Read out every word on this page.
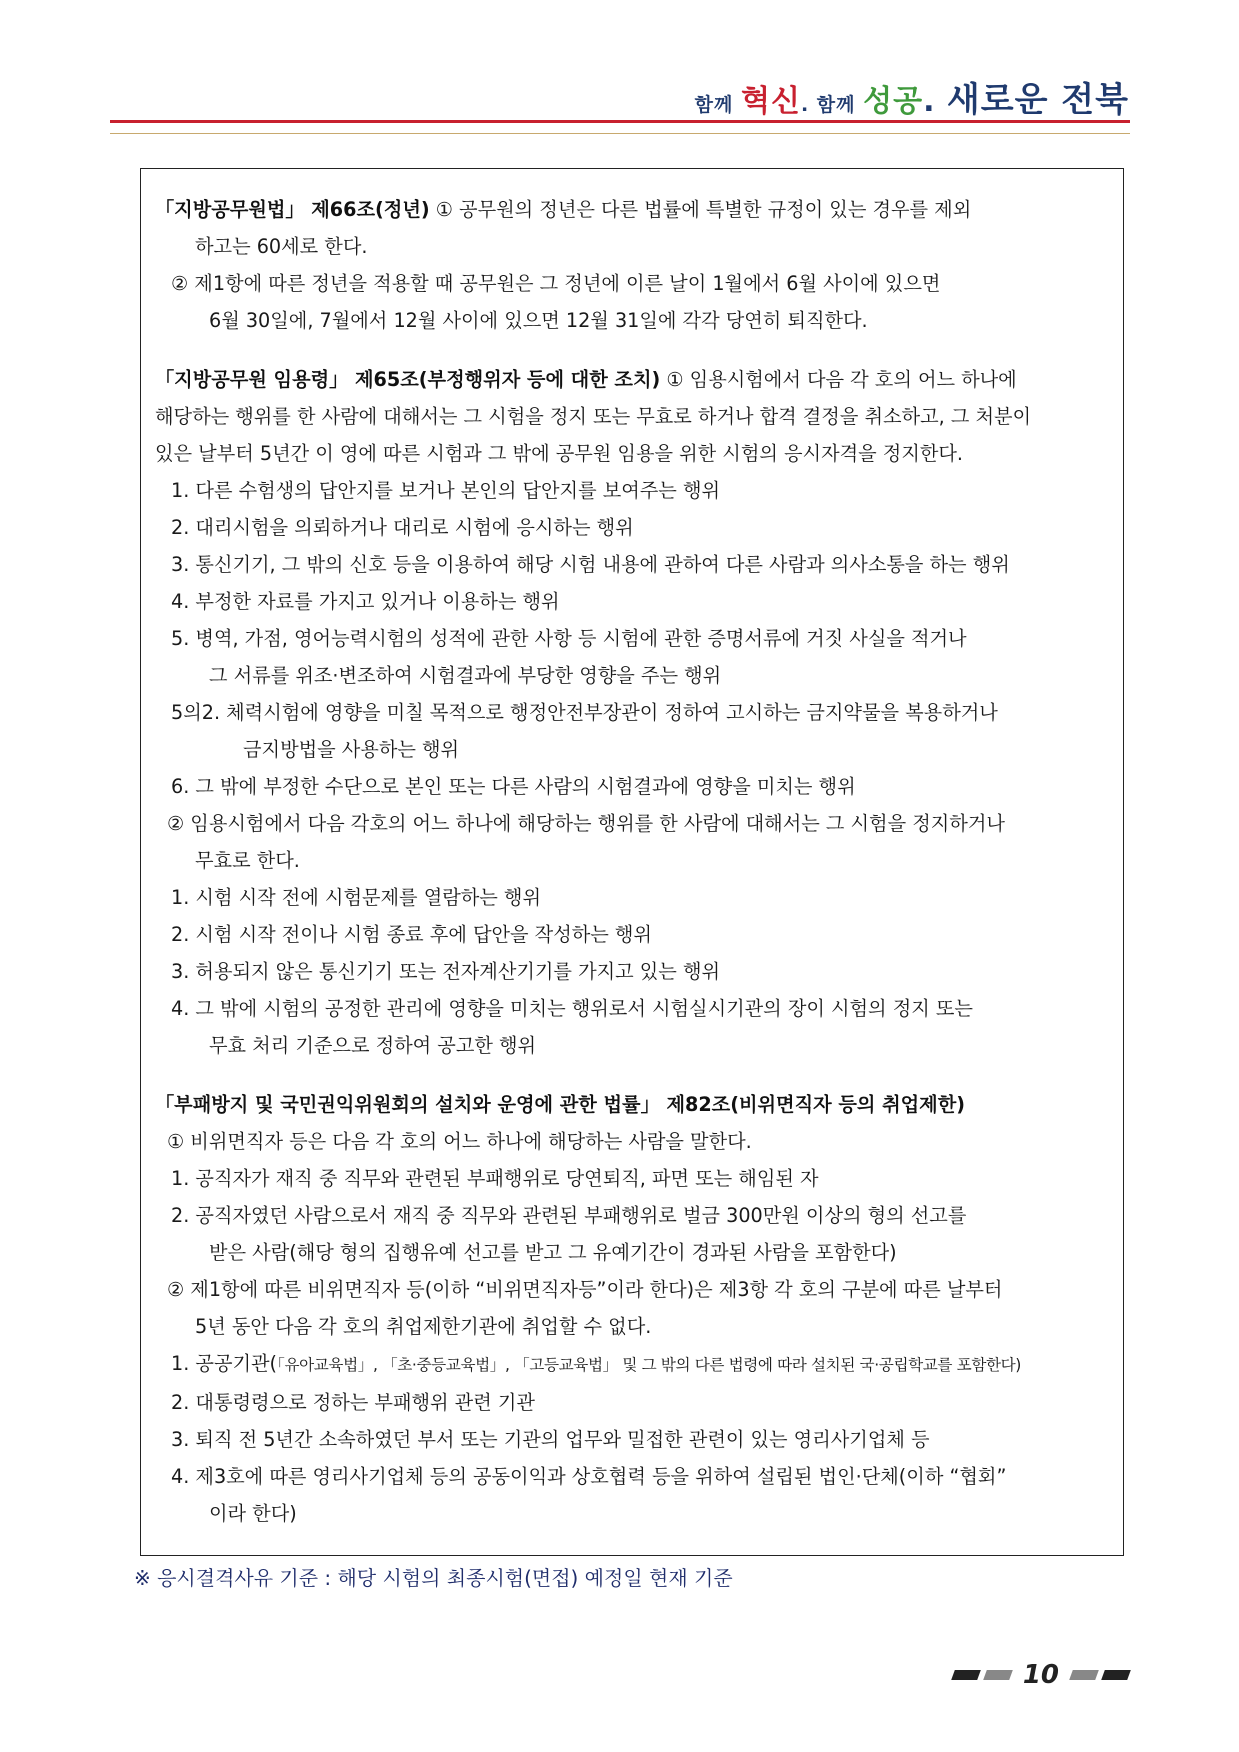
함께 혁신. 함께 성공. 새로운 전북

「지방공무원법」 제66조(정년) ① 공무원의 정년은 다른 법률에 특별한 규정이 있는 경우를 제외

하고는 60세로 한다.

② 제1항에 따른 정년을 적용할 때 공무원은 그 정년에 이른 날이 1월에서 6월 사이에 있으면

6월 30일에, 7월에서 12월 사이에 있으면 12월 31일에 각각 당연히 퇴직한다.

「지방공무원 임용령」 제65조(부정행위자 등에 대한 조치) ① 임용시험에서 다음 각 호의 어느 하나에

해당하는 행위를 한 사람에 대해서는 그 시험을 정지 또는 무효로 하거나 합격 결정을 취소하고, 그 처분이

있은 날부터 5년간 이 영에 따른 시험과 그 밖에 공무원 임용을 위한 시험의 응시자격을 정지한다.

1. 다른 수험생의 답안지를 보거나 본인의 답안지를 보여주는 행위

2. 대리시험을 의뢰하거나 대리로 시험에 응시하는 행위

3. 통신기기, 그 밖의 신호 등을 이용하여 해당 시험 내용에 관하여 다른 사람과 의사소통을 하는 행위

4. 부정한 자료를 가지고 있거나 이용하는 행위

5. 병역, 가점, 영어능력시험의 성적에 관한 사항 등 시험에 관한 증명서류에 거짓 사실을 적거나

그 서류를 위조·변조하여 시험결과에 부당한 영향을 주는 행위

5의2. 체력시험에 영향을 미칠 목적으로 행정안전부장관이 정하여 고시하는 금지약물을 복용하거나

금지방법을 사용하는 행위

6. 그 밖에 부정한 수단으로 본인 또는 다른 사람의 시험결과에 영향을 미치는 행위

② 임용시험에서 다음 각호의 어느 하나에 해당하는 행위를 한 사람에 대해서는 그 시험을 정지하거나

무효로 한다.

1. 시험 시작 전에 시험문제를 열람하는 행위

2. 시험 시작 전이나 시험 종료 후에 답안을 작성하는 행위

3. 허용되지 않은 통신기기 또는 전자계산기기를 가지고 있는 행위

4. 그 밖에 시험의 공정한 관리에 영향을 미치는 행위로서 시험실시기관의 장이 시험의 정지 또는

무효 처리 기준으로 정하여 공고한 행위

「부패방지 및 국민권익위원회의 설치와 운영에 관한 법률」 제82조(비위면직자 등의 취업제한)

① 비위면직자 등은 다음 각 호의 어느 하나에 해당하는 사람을 말한다.

1. 공직자가 재직 중 직무와 관련된 부패행위로 당연퇴직, 파면 또는 해임된 자

2. 공직자였던 사람으로서 재직 중 직무와 관련된 부패행위로 벌금 300만원 이상의 형의 선고를

받은 사람(해당 형의 집행유예 선고를 받고 그 유예기간이 경과된 사람을 포함한다)

② 제1항에 따른 비위면직자 등(이하 “비위면직자등”이라 한다)은 제3항 각 호의 구분에 따른 날부터

5년 동안 다음 각 호의 취업제한기관에 취업할 수 없다.

1. 공공기관(「유아교육법」, 「초·중등교육법」, 「고등교육법」 및 그 밖의 다른 법령에 따라 설치된 국·공립학교를 포함한다)

2. 대통령령으로 정하는 부패행위 관련 기관

3. 퇴직 전 5년간 소속하였던 부서 또는 기관의 업무와 밀접한 관련이 있는 영리사기업체 등

4. 제3호에 따른 영리사기업체 등의 공동이익과 상호협력 등을 위하여 설립된 법인·단체(이하 “협회”

이라 한다)

※ 응시결격사유 기준 : 해당 시험의 최종시험(면접) 예정일 현재 기준
10
